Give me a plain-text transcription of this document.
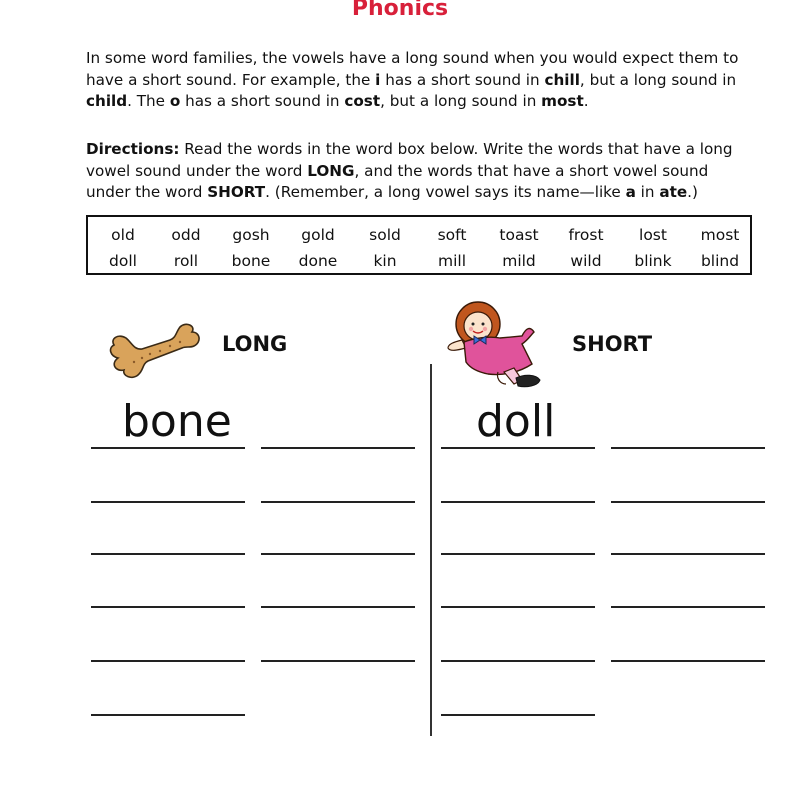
Phonics
In some word families, the vowels have a long sound when you would expect them to have a short sound. For example, the i has a short sound in chill, but a long sound in child. The o has a short sound in cost, but a long sound in most.
Directions: Read the words in the word box below. Write the words that have a long vowel sound under the word LONG, and the words that have a short vowel sound under the word SHORT. (Remember, a long vowel says its name—like a in ate.)
old	odd	gosh	gold	sold	soft	toast	frost	lost	most
doll	roll	bone	done	kin	mill	mild	wild	blink	blind
LONG	SHORT
bone	doll
